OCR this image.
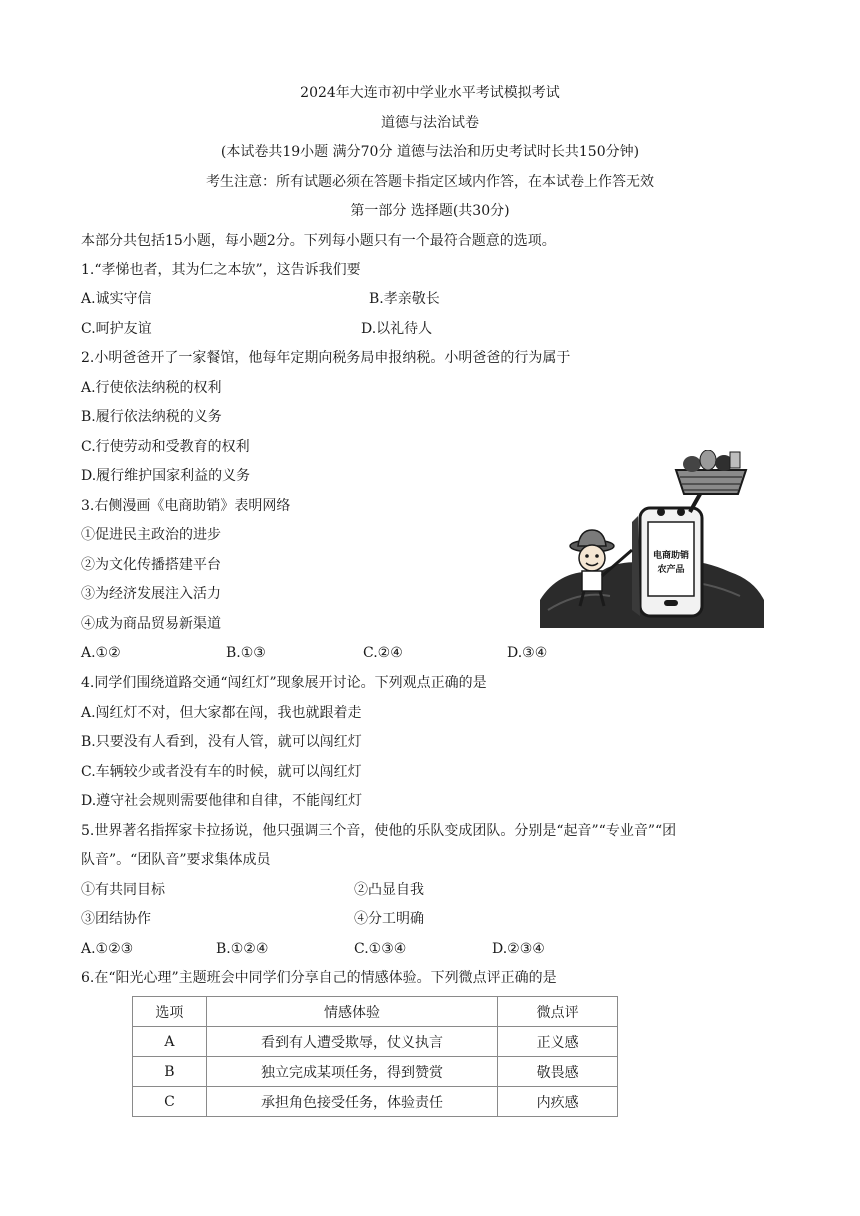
2024年大连市初中学业水平考试模拟考试
道德与法治试卷
(本试卷共19小题 满分70分 道德与法治和历史考试时长共150分钟)
考生注意：所有试题必须在答题卡指定区域内作答，在本试卷上作答无效
第一部分 选择题(共30分)
本部分共包括15小题，每小题2分。下列每小题只有一个最符合题意的选项。
1.“孝悌也者，其为仁之本欤”，这告诉我们要
A.诚实守信	B.孝亲敬长
C.呵护友谊	D.以礼待人
2.小明爸爸开了一家餐馆，他每年定期向税务局申报纳税。小明爸爸的行为属于
A.行使依法纳税的权利
B.履行依法纳税的义务
C.行使劳动和受教育的权利
D.履行维护国家利益的义务
3.右侧漫画《电商助销》表明网络
①促进民主政治的进步
②为文化传播搭建平台
③为经济发展注入活力
④成为商品贸易新渠道
A.①②	B.①③	C.②④	D.③④
电商助销
农产品
4.同学们围绕道路交通“闯红灯”现象展开讨论。下列观点正确的是
A.闯红灯不对，但大家都在闯，我也就跟着走
B.只要没有人看到，没有人管，就可以闯红灯
C.车辆较少或者没有车的时候，就可以闯红灯
D.遵守社会规则需要他律和自律，不能闯红灯
5.世界著名指挥家卡拉扬说，他只强调三个音，使他的乐队变成团队。分别是“起音”“专业音”“团
队音”。“团队音”要求集体成员
①有共同目标	②凸显自我
③团结协作	④分工明确
A.①②③	B.①②④	C.①③④	D.②③④
6.在“阳光心理”主题班会中同学们分享自己的情感体验。下列微点评正确的是
选项	情感体验	微点评
A	看到有人遭受欺辱，仗义执言	正义感
B	独立完成某项任务，得到赞赏	敬畏感
C	承担角色接受任务，体验责任	内疚感
